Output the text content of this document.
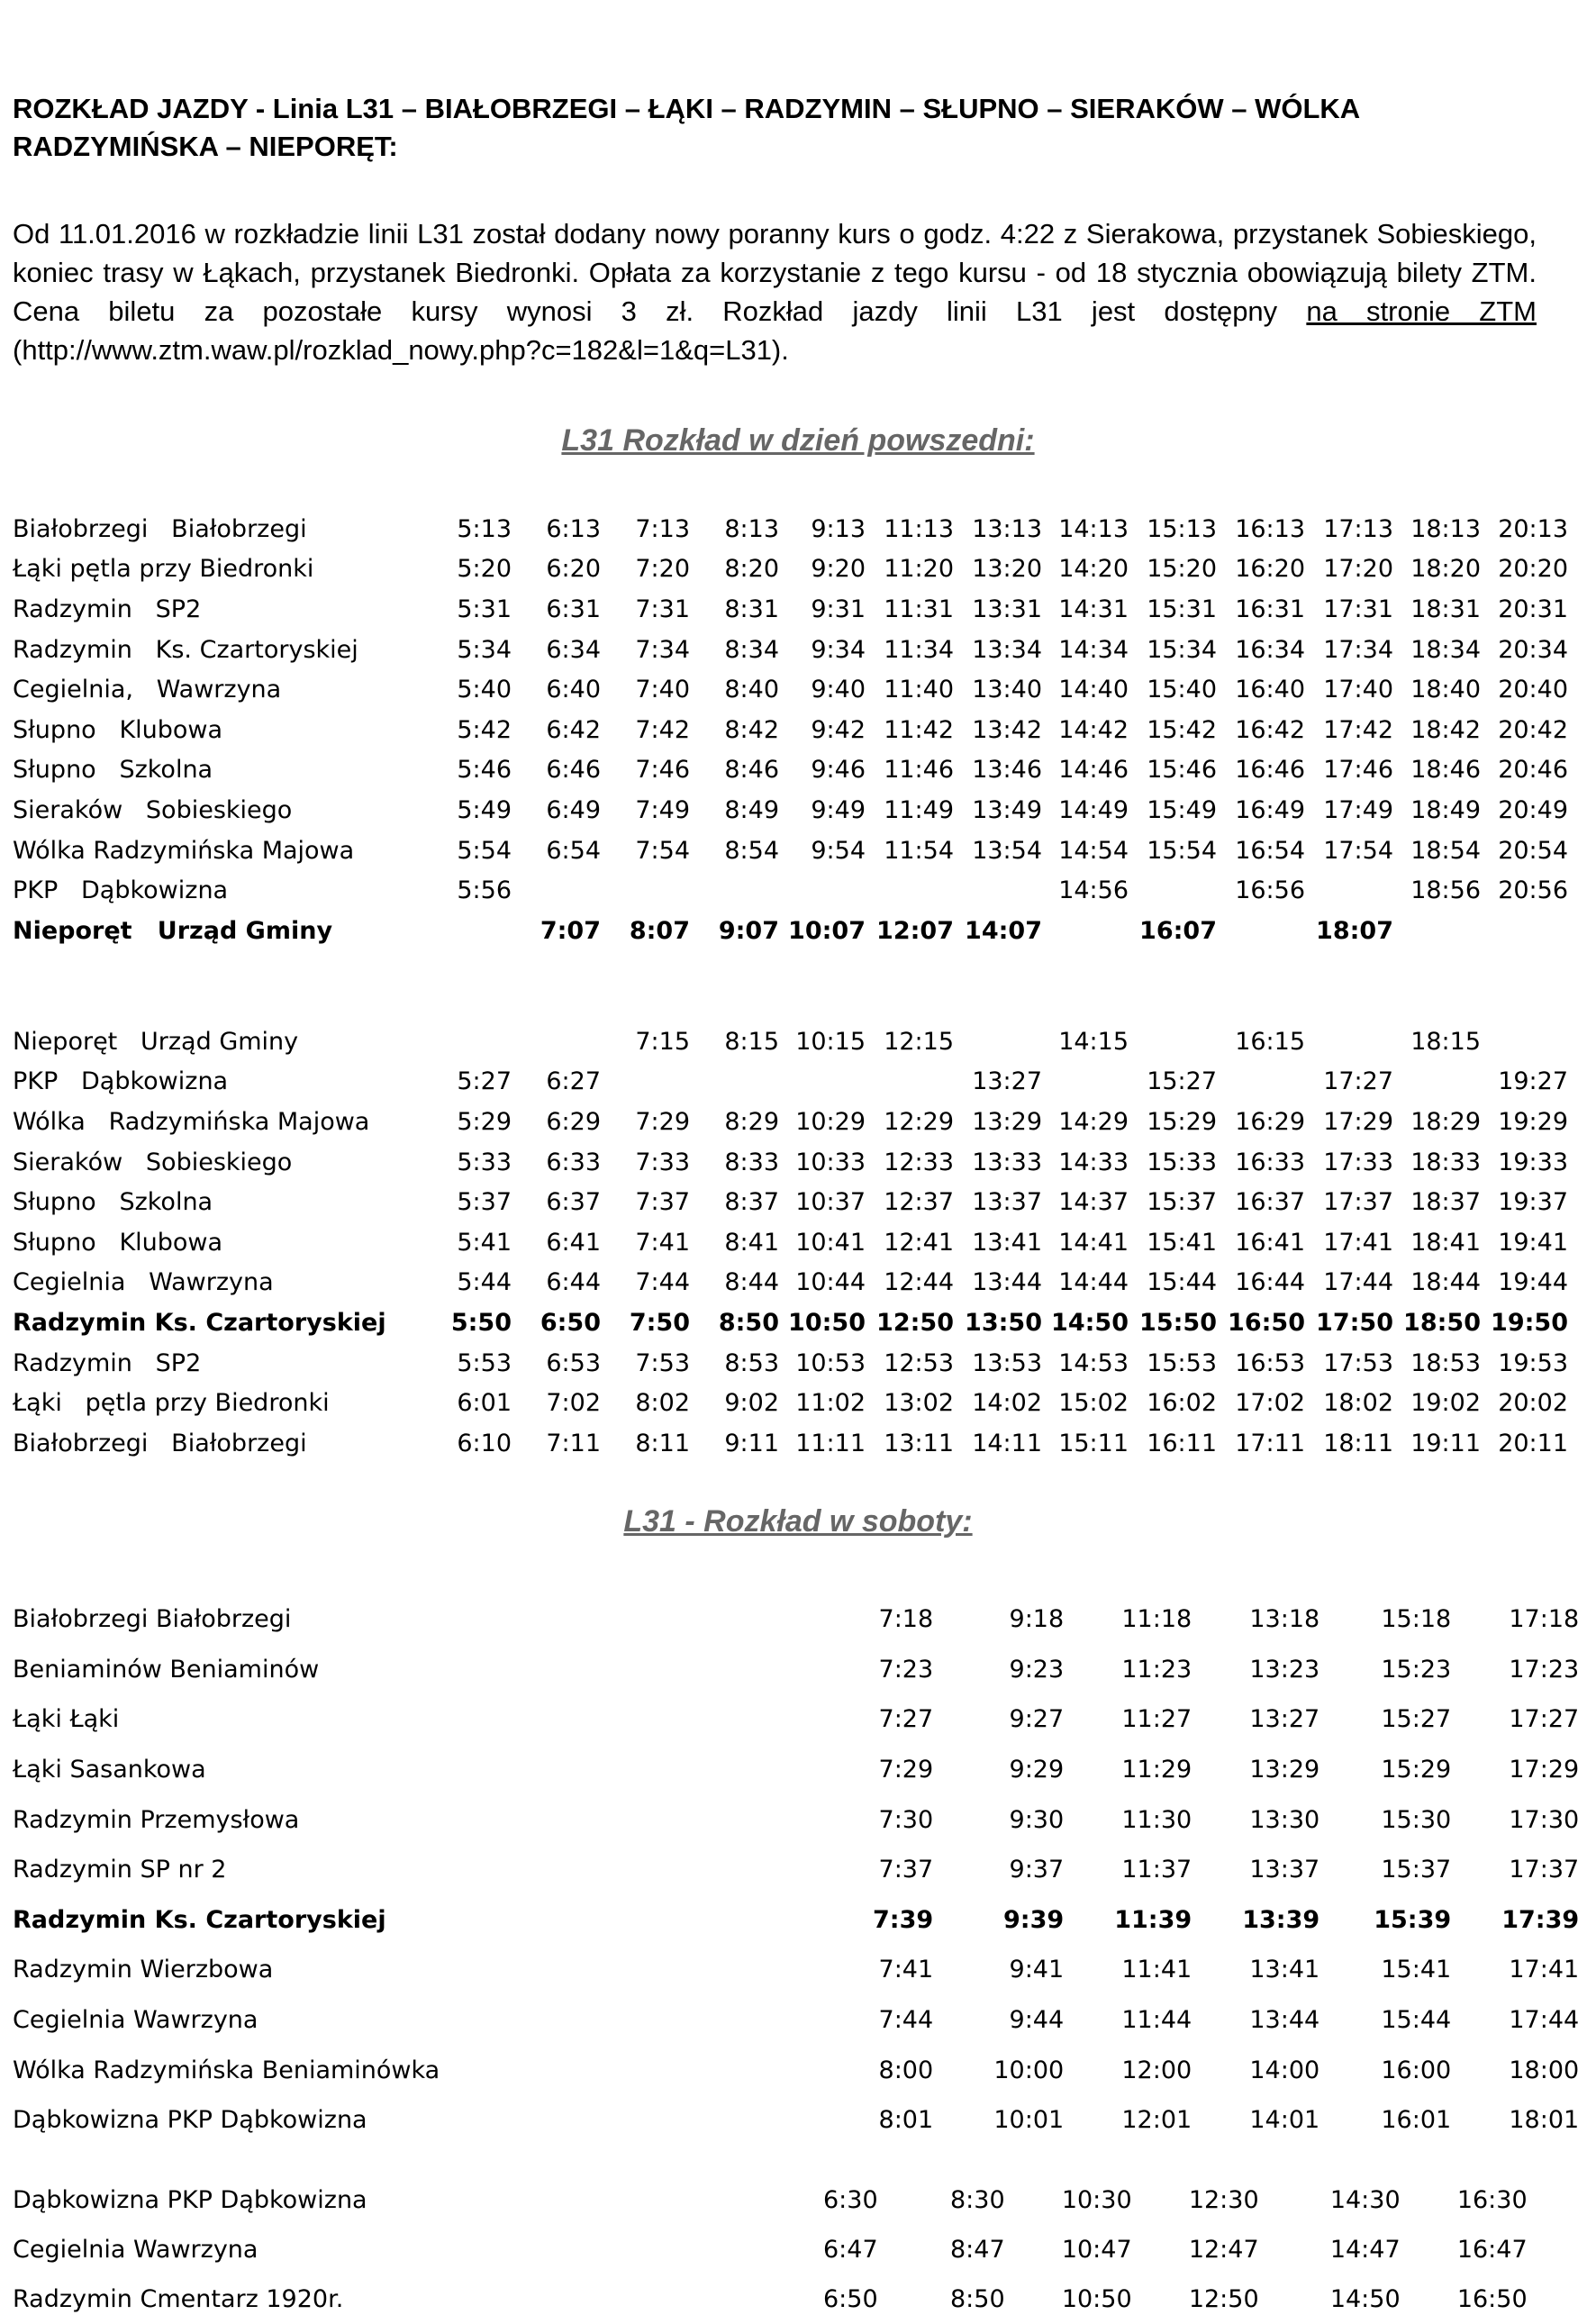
ROZKŁAD JAZDY - Linia L31 – BIAŁOBRZEGI – ŁĄKI – RADZYMIN – SŁUPNO – SIERAKÓW – WÓLKA RADZYMIŃSKA – NIEPORĘT:
Od 11.01.2016 w rozkładzie linii L31 został dodany nowy poranny kurs o godz. 4:22 z Sierakowa, przystanek Sobieskiego, koniec trasy w Łąkach, przystanek Biedronki. Opłata za korzystanie z tego kursu - od 18 stycznia obowiązują bilety ZTM. Cena biletu za pozostałe kursy wynosi 3 zł. Rozkład jazdy linii L31 jest dostępny na stronie ZTM (http://www.ztm.waw.pl/rozklad_nowy.php?c=182&l=1&q=L31).
L31 Rozkład w dzień powszedni:
Białobrzegi   Białobrzegi	5:13	6:13	7:13	8:13	9:13	11:13	13:13	14:13	15:13	16:13	17:13	18:13	20:13
Łąki pętla przy Biedronki	5:20	6:20	7:20	8:20	9:20	11:20	13:20	14:20	15:20	16:20	17:20	18:20	20:20
Radzymin   SP2	5:31	6:31	7:31	8:31	9:31	11:31	13:31	14:31	15:31	16:31	17:31	18:31	20:31
Radzymin   Ks. Czartoryskiej	5:34	6:34	7:34	8:34	9:34	11:34	13:34	14:34	15:34	16:34	17:34	18:34	20:34
Cegielnia,   Wawrzyna	5:40	6:40	7:40	8:40	9:40	11:40	13:40	14:40	15:40	16:40	17:40	18:40	20:40
Słupno   Klubowa	5:42	6:42	7:42	8:42	9:42	11:42	13:42	14:42	15:42	16:42	17:42	18:42	20:42
Słupno   Szkolna	5:46	6:46	7:46	8:46	9:46	11:46	13:46	14:46	15:46	16:46	17:46	18:46	20:46
Sieraków   Sobieskiego	5:49	6:49	7:49	8:49	9:49	11:49	13:49	14:49	15:49	16:49	17:49	18:49	20:49
Wólka Radzymińska Majowa	5:54	6:54	7:54	8:54	9:54	11:54	13:54	14:54	15:54	16:54	17:54	18:54	20:54
PKP   Dąbkowizna	5:56							14:56		16:56		18:56	20:56
Nieporęt   Urząd Gminy		7:07	8:07	9:07	10:07	12:07	14:07		16:07		18:07		
Nieporęt   Urząd Gminy			7:15	8:15	10:15	12:15		14:15		16:15		18:15	
PKP   Dąbkowizna	5:27	6:27					13:27		15:27		17:27		19:27
Wólka   Radzymińska Majowa	5:29	6:29	7:29	8:29	10:29	12:29	13:29	14:29	15:29	16:29	17:29	18:29	19:29
Sieraków   Sobieskiego	5:33	6:33	7:33	8:33	10:33	12:33	13:33	14:33	15:33	16:33	17:33	18:33	19:33
Słupno   Szkolna	5:37	6:37	7:37	8:37	10:37	12:37	13:37	14:37	15:37	16:37	17:37	18:37	19:37
Słupno   Klubowa	5:41	6:41	7:41	8:41	10:41	12:41	13:41	14:41	15:41	16:41	17:41	18:41	19:41
Cegielnia   Wawrzyna	5:44	6:44	7:44	8:44	10:44	12:44	13:44	14:44	15:44	16:44	17:44	18:44	19:44
Radzymin Ks. Czartoryskiej	5:50	6:50	7:50	8:50	10:50	12:50	13:50	14:50	15:50	16:50	17:50	18:50	19:50
Radzymin   SP2	5:53	6:53	7:53	8:53	10:53	12:53	13:53	14:53	15:53	16:53	17:53	18:53	19:53
Łąki   pętla przy Biedronki	6:01	7:02	8:02	9:02	11:02	13:02	14:02	15:02	16:02	17:02	18:02	19:02	20:02
Białobrzegi   Białobrzegi	6:10	7:11	8:11	9:11	11:11	13:11	14:11	15:11	16:11	17:11	18:11	19:11	20:11
L31 - Rozkład w soboty:
Białobrzegi Białobrzegi	7:18	9:18	11:18	13:18	15:18	17:18
Beniaminów Beniaminów	7:23	9:23	11:23	13:23	15:23	17:23
Łąki Łąki	7:27	9:27	11:27	13:27	15:27	17:27
Łąki Sasankowa	7:29	9:29	11:29	13:29	15:29	17:29
Radzymin Przemysłowa	7:30	9:30	11:30	13:30	15:30	17:30
Radzymin SP nr 2	7:37	9:37	11:37	13:37	15:37	17:37
Radzymin Ks. Czartoryskiej	7:39	9:39	11:39	13:39	15:39	17:39
Radzymin Wierzbowa	7:41	9:41	11:41	13:41	15:41	17:41
Cegielnia Wawrzyna	7:44	9:44	11:44	13:44	15:44	17:44
Wólka Radzymińska Beniaminówka	8:00	10:00	12:00	14:00	16:00	18:00
Dąbkowizna PKP Dąbkowizna	8:01	10:01	12:01	14:01	16:01	18:01
Dąbkowizna PKP Dąbkowizna	6:30	8:30	10:30	12:30	14:30	16:30
Cegielnia Wawrzyna	6:47	8:47	10:47	12:47	14:47	16:47
Radzymin Cmentarz 1920r.	6:50	8:50	10:50	12:50	14:50	16:50
